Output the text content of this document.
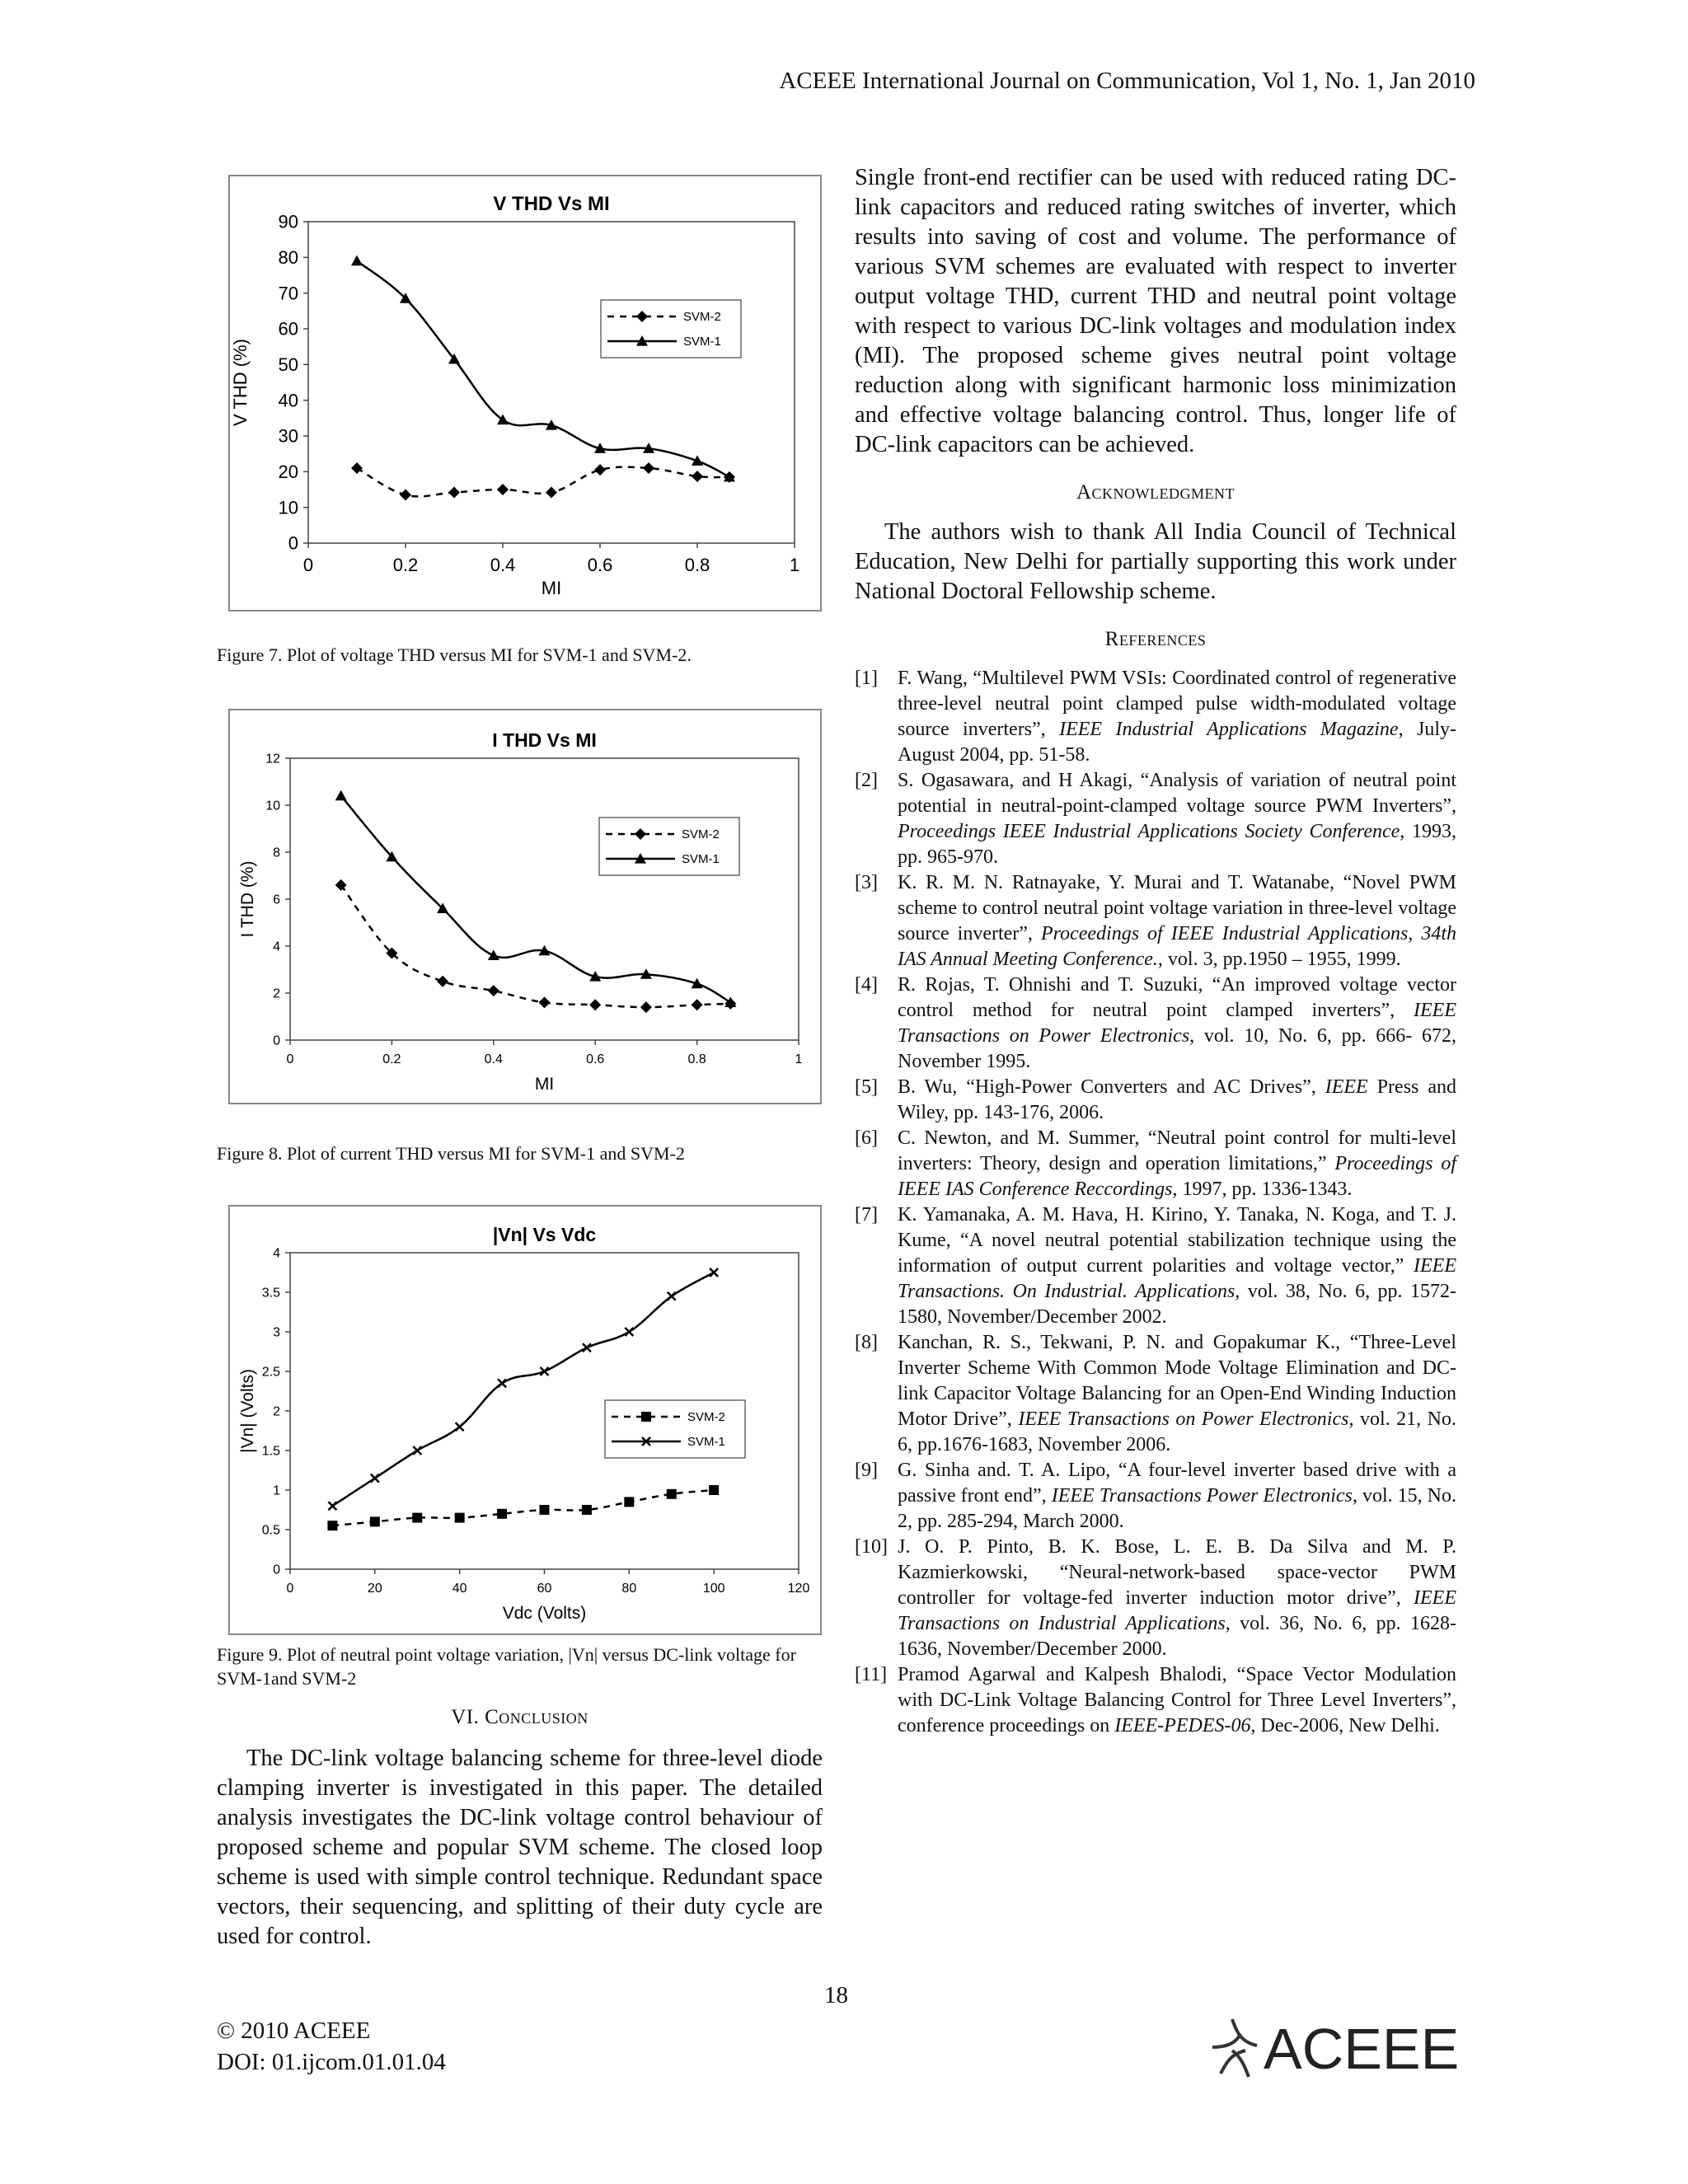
ACEEE International Journal on Communication, Vol 1, No. 1, Jan 2010
V THD Vs MI
0
10
20
30
40
50
60
70
80
90
0	0.2	0.4	0.6	0.8	1
MI
V THD (%)
SVM-2
SVM-1
Figure 7. Plot of voltage THD versus MI for SVM-1 and SVM-2.
I THD Vs MI
0
2
4
6
8
10
12
0	0.2	0.4	0.6	0.8	1
MI
I THD (%)
SVM-2
SVM-1
Figure 8. Plot of current THD versus MI for SVM-1 and SVM-2
|Vn| Vs Vdc
0
0.5
1
1.5
2
2.5
3
3.5
4
0	20	40	60	80	100	120
Vdc (Volts)
|Vn| (Volts)	SVM-2
SVM-1
Figure 9. Plot of neutral point voltage variation, |Vn| versus DC-link voltage for SVM-1and SVM-2

VI. Conclusion

The DC-link voltage balancing scheme for three-level diode clamping inverter is investigated in this paper. The detailed analysis investigates the DC-link voltage control behaviour of proposed scheme and popular SVM scheme. The closed loop scheme is used with simple control technique. Redundant space vectors, their sequencing, and splitting of their duty cycle are used for control.

Single front-end rectifier can be used with reduced rating DC-link capacitors and reduced rating switches of inverter, which results into saving of cost and volume. The performance of various SVM schemes are evaluated with respect to inverter output voltage THD, current THD and neutral point voltage with respect to various DC-link voltages and modulation index (MI). The proposed scheme gives neutral point voltage reduction along with significant harmonic loss minimization and effective voltage balancing control. Thus, longer life of DC-link capacitors can be achieved.

Acknowledgment

The authors wish to thank All India Council of Technical Education, New Delhi for partially supporting this work under National Doctoral Fellowship scheme.

References

[1]	F. Wang, “Multilevel PWM VSIs: Coordinated control of regenerative three-level neutral point clamped pulse width-modulated voltage source inverters”, IEEE Industrial Applications Magazine, July-August 2004, pp. 51-58.
[2]	S. Ogasawara, and H Akagi, “Analysis of variation of neutral point potential in neutral-point-clamped voltage source PWM Inverters”, Proceedings IEEE Industrial Applications Society Conference, 1993, pp. 965-970.
[3]	K. R. M. N. Ratnayake, Y. Murai and T. Watanabe, “Novel PWM scheme to control neutral point voltage variation in three-level voltage source inverter”, Proceedings of IEEE Industrial Applications, 34th IAS Annual Meeting Conference., vol. 3, pp.1950 – 1955, 1999.
[4]	R. Rojas, T. Ohnishi and T. Suzuki, “An improved voltage vector control method for neutral point clamped inverters”, IEEE Transactions on Power Electronics, vol. 10, No. 6, pp. 666- 672, November 1995.
[5]	B. Wu, “High-Power Converters and AC Drives”, IEEE Press and Wiley, pp. 143-176, 2006.
[6]	C. Newton, and M. Summer, “Neutral point control for multi-level inverters: Theory, design and operation limitations,” Proceedings of IEEE IAS Conference Reccordings, 1997, pp. 1336-1343.
[7]	K. Yamanaka, A. M. Hava, H. Kirino, Y. Tanaka, N. Koga, and T. J. Kume, “A novel neutral potential stabilization technique using the information of output current polarities and voltage vector,” IEEE Transactions. On Industrial. Applications, vol. 38, No. 6, pp. 1572-1580, November/December 2002.
[8]	Kanchan, R. S., Tekwani, P. N. and Gopakumar K., “Three-Level Inverter Scheme With Common Mode Voltage Elimination and DC-link Capacitor Voltage Balancing for an Open-End Winding Induction Motor Drive”, IEEE Transactions on Power Electronics, vol. 21, No. 6, pp.1676-1683, November 2006.
[9]	G. Sinha and. T. A. Lipo, “A four-level inverter based drive with a passive front end”, IEEE Transactions Power Electronics, vol. 15, No. 2, pp. 285-294, March 2000.
[10] J. O. P. Pinto, B. K. Bose, L. E. B. Da Silva and M. P. Kazmierkowski, “Neural-network-based space-vector PWM controller for voltage-fed inverter induction motor drive”, IEEE Transactions on Industrial Applications, vol. 36, No. 6, pp. 1628-1636, November/December 2000.
[11] Pramod Agarwal and Kalpesh Bhalodi, “Space Vector Modulation with DC-Link Voltage Balancing Control for Three Level Inverters”, conference proceedings on IEEE-PEDES-06, Dec-2006, New Delhi.
18
© 2010 ACEEE
DOI: 01.ijcom.01.01.04	ACEEE
